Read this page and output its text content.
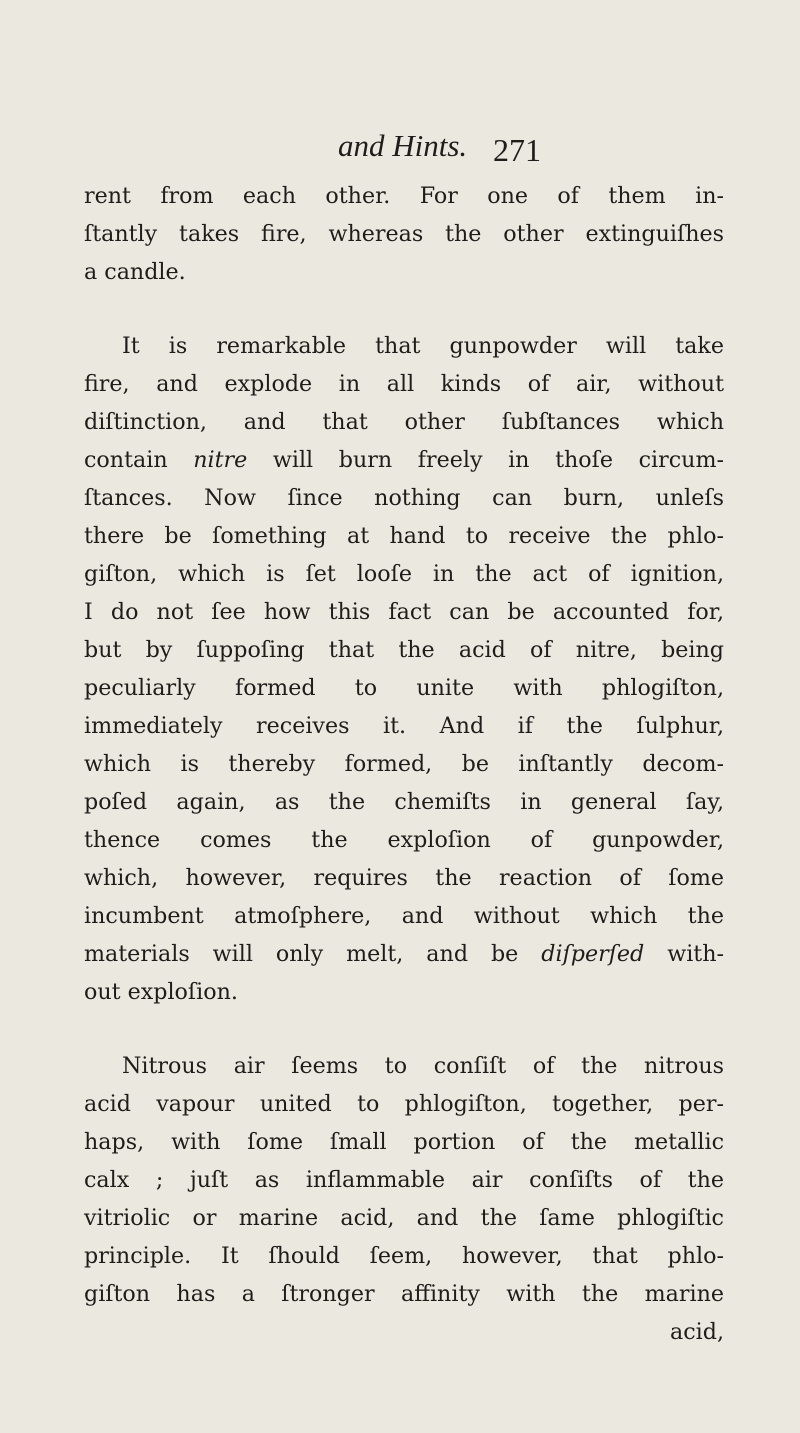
and Hints. 271
rent from each other. For one of them in-
ſtantly takes fire, whereas the other extinguiſhes
a candle.
It is remarkable that gunpowder will take
fire, and explode in all kinds of air, without
diſtinction, and that other ſubſtances which
contain nitre will burn freely in thoſe circum-
ſtances. Now ſince nothing can burn, unleſs
there be ſomething at hand to receive the phlo-
giſton, which is ſet looſe in the act of ignition,
I do not ſee how this fact can be accounted for,
but by ſuppoſing that the acid of nitre, being
peculiarly formed to unite with phlogiſton,
immediately receives it. And if the ſulphur,
which is thereby formed, be inſtantly decom-
poſed again, as the chemiſts in general ſay,
thence comes the exploſion of gunpowder,
which, however, requires the reaction of ſome
incumbent atmoſphere, and without which the
materials will only melt, and be diſperſed with-
out exploſion.
Nitrous air ſeems to conſiſt of the nitrous
acid vapour united to phlogiſton, together, per-
haps, with ſome ſmall portion of the metallic
calx ; juſt as inflammable air conſiſts of the
vitriolic or marine acid, and the ſame phlogiſtic
principle. It ſhould ſeem, however, that phlo-
giſton has a ſtronger affinity with the marine
acid,
